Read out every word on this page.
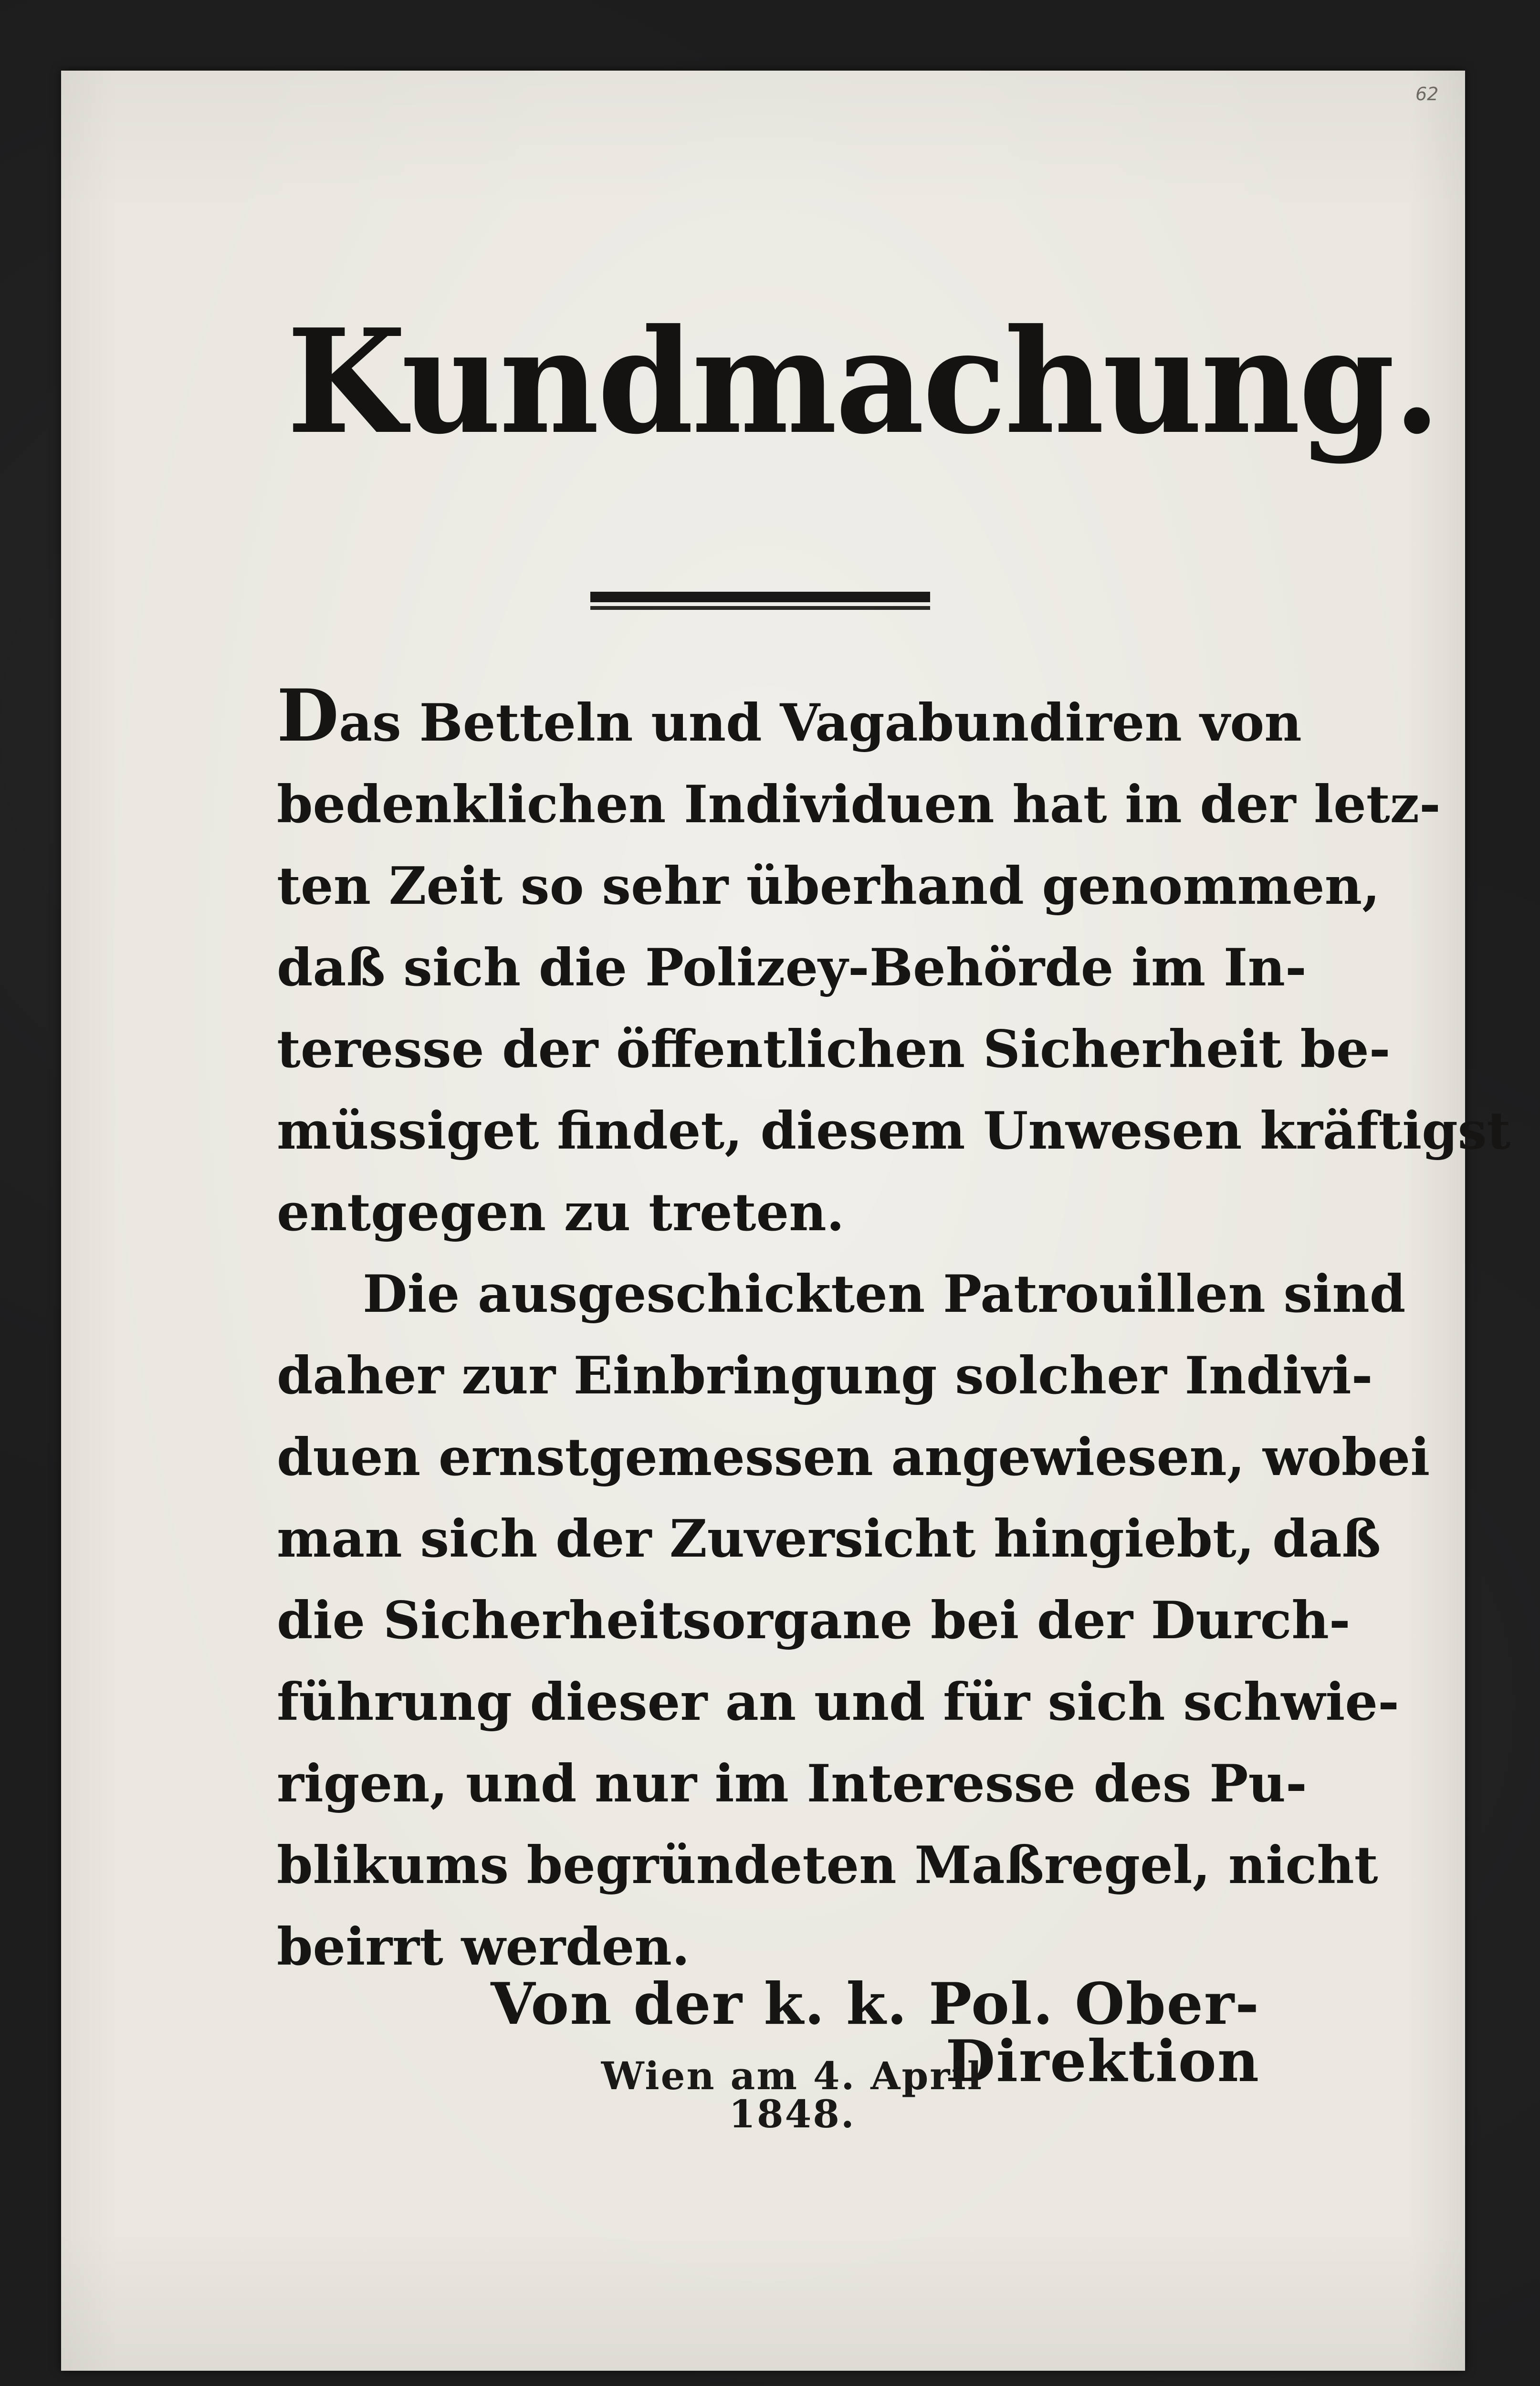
62
Kundmachung.
Das Betteln und Vagabundiren von
bedenklichen Individuen hat in der letz-
ten Zeit so sehr überhand genommen,
daß sich die Polizey-Behörde im In-
teresse der öffentlichen Sicherheit be-
müssiget findet, diesem Unwesen kräftigst
entgegen zu treten.
Die ausgeschickten Patrouillen sind
daher zur Einbringung solcher Indivi-
duen ernstgemessen angewiesen, wobei
man sich der Zuversicht hingiebt, daß
die Sicherheitsorgane bei der Durch-
führung dieser an und für sich schwie-
rigen, und nur im Interesse des Pu-
blikums begründeten Maßregel, nicht
beirrt werden.
Von der k. k. Pol. Ober-Direktion
Wien am 4. April 1848.
